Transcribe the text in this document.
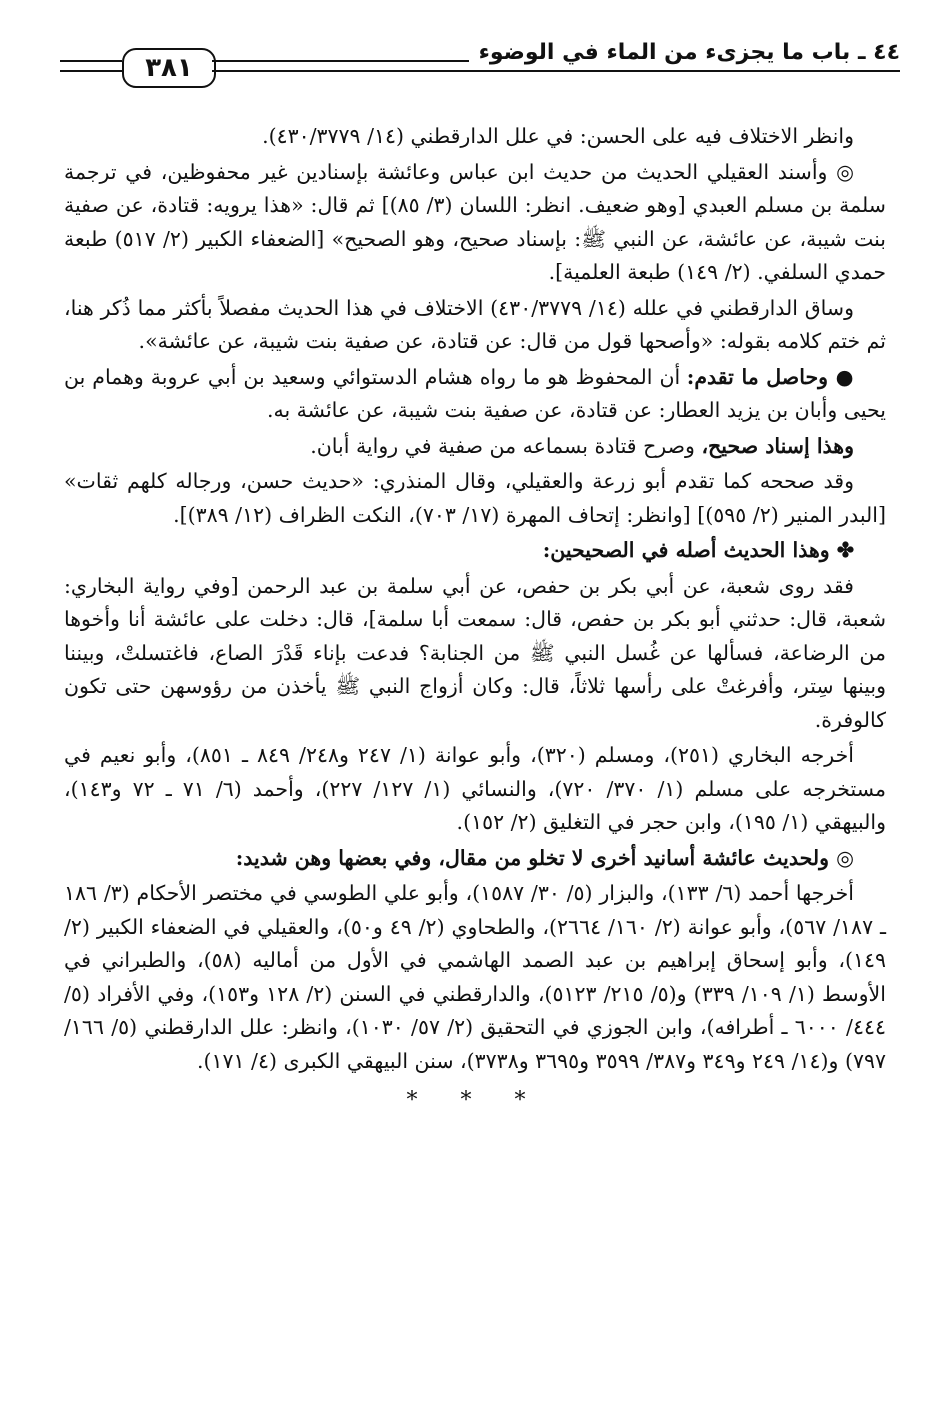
٣٨١
٤٤ ـ باب ما يجزىء من الماء في الوضوء

وانظر الاختلاف فيه على الحسن: في علل الدارقطني (١٤/ ٤٣٠/٣٧٧٩).

◎ وأسند العقيلي الحديث من حديث ابن عباس وعائشة بإسنادين غير محفوظين، في ترجمة سلمة بن مسلم العبدي [وهو ضعيف. انظر: اللسان (٣/ ٨٥)] ثم قال: «هذا يرويه: قتادة، عن صفية بنت شيبة، عن عائشة، عن النبي ﷺ: بإسناد صحيح، وهو الصحيح» [الضعفاء الكبير (٢/ ٥١٧) طبعة حمدي السلفي. (٢/ ١٤٩) طبعة العلمية].

وساق الدارقطني في علله (١٤/ ٤٣٠/٣٧٧٩) الاختلاف في هذا الحديث مفصلاً بأكثر مما ذُكر هنا، ثم ختم كلامه بقوله: «وأصحها قول من قال: عن قتادة، عن صفية بنت شيبة، عن عائشة».

● وحاصل ما تقدم: أن المحفوظ هو ما رواه هشام الدستوائي وسعيد بن أبي عروبة وهمام بن يحيى وأبان بن يزيد العطار: عن قتادة، عن صفية بنت شيبة، عن عائشة به.

وهذا إسناد صحيح، وصرح قتادة بسماعه من صفية في رواية أبان.

وقد صححه كما تقدم أبو زرعة والعقيلي، وقال المنذري: «حديث حسن، ورجاله كلهم ثقات» [البدر المنير (٢/ ٥٩٥)] [وانظر: إتحاف المهرة (١٧/ ٧٠٣)، النكت الظراف (١٢/ ٣٨٩)].

✤ وهذا الحديث أصله في الصحيحين:

فقد روى شعبة، عن أبي بكر بن حفص، عن أبي سلمة بن عبد الرحمن [وفي رواية البخاري: شعبة، قال: حدثني أبو بكر بن حفص، قال: سمعت أبا سلمة]، قال: دخلت على عائشة أنا وأخوها من الرضاعة، فسألها عن غُسل النبي ﷺ من الجنابة؟ فدعت بإناء قَدْرَ الصاع، فاغتسلتْ، وبيننا وبينها سِتر، وأفرغتْ على رأسها ثلاثاً، قال: وكان أزواج النبي ﷺ يأخذن من رؤوسهن حتى تكون كالوفرة.

أخرجه البخاري (٢٥١)، ومسلم (٣٢٠)، وأبو عوانة (١/ ٢٤٧ و٢٤٨/ ٨٤٩ ـ ٨٥١)، وأبو نعيم في مستخرجه على مسلم (١/ ٣٧٠/ ٧٢٠)، والنسائي (١/ ١٢٧/ ٢٢٧)، وأحمد (٦/ ٧١ ـ ٧٢ و١٤٣)، والبيهقي (١/ ١٩٥)، وابن حجر في التغليق (٢/ ١٥٢).

◎ ولحديث عائشة أسانيد أخرى لا تخلو من مقال، وفي بعضها وهن شديد:

أخرجها أحمد (٦/ ١٣٣)، والبزار (٥/ ٣٠/ ١٥٨٧)، وأبو علي الطوسي في مختصر الأحكام (٣/ ١٨٦ ـ ١٨٧/ ٥٦٧)، وأبو عوانة (٢/ ١٦٠/ ٢٦٦٤)، والطحاوي (٢/ ٤٩ و٥٠)، والعقيلي في الضعفاء الكبير (٢/ ١٤٩)، وأبو إسحاق إبراهيم بن عبد الصمد الهاشمي في الأول من أماليه (٥٨)، والطبراني في الأوسط (١/ ١٠٩/ ٣٣٩) و(٥/ ٢١٥/ ٥١٢٣)، والدارقطني في السنن (٢/ ١٢٨ و١٥٣)، وفي الأفراد (٥/ ٤٤٤/ ٦٠٠٠ ـ أطرافه)، وابن الجوزي في التحقيق (٢/ ٥٧/ ١٠٣٠)، وانظر: علل الدارقطني (٥/ ١٦٦/ ٧٩٧) و(١٤/ ٢٤٩ و٣٤٩ و٣٨٧/ ٣٥٩٩ و٣٦٩٥ و٣٧٣٨)، سنن البيهقي الكبرى (٤/ ١٧١).

* * *
